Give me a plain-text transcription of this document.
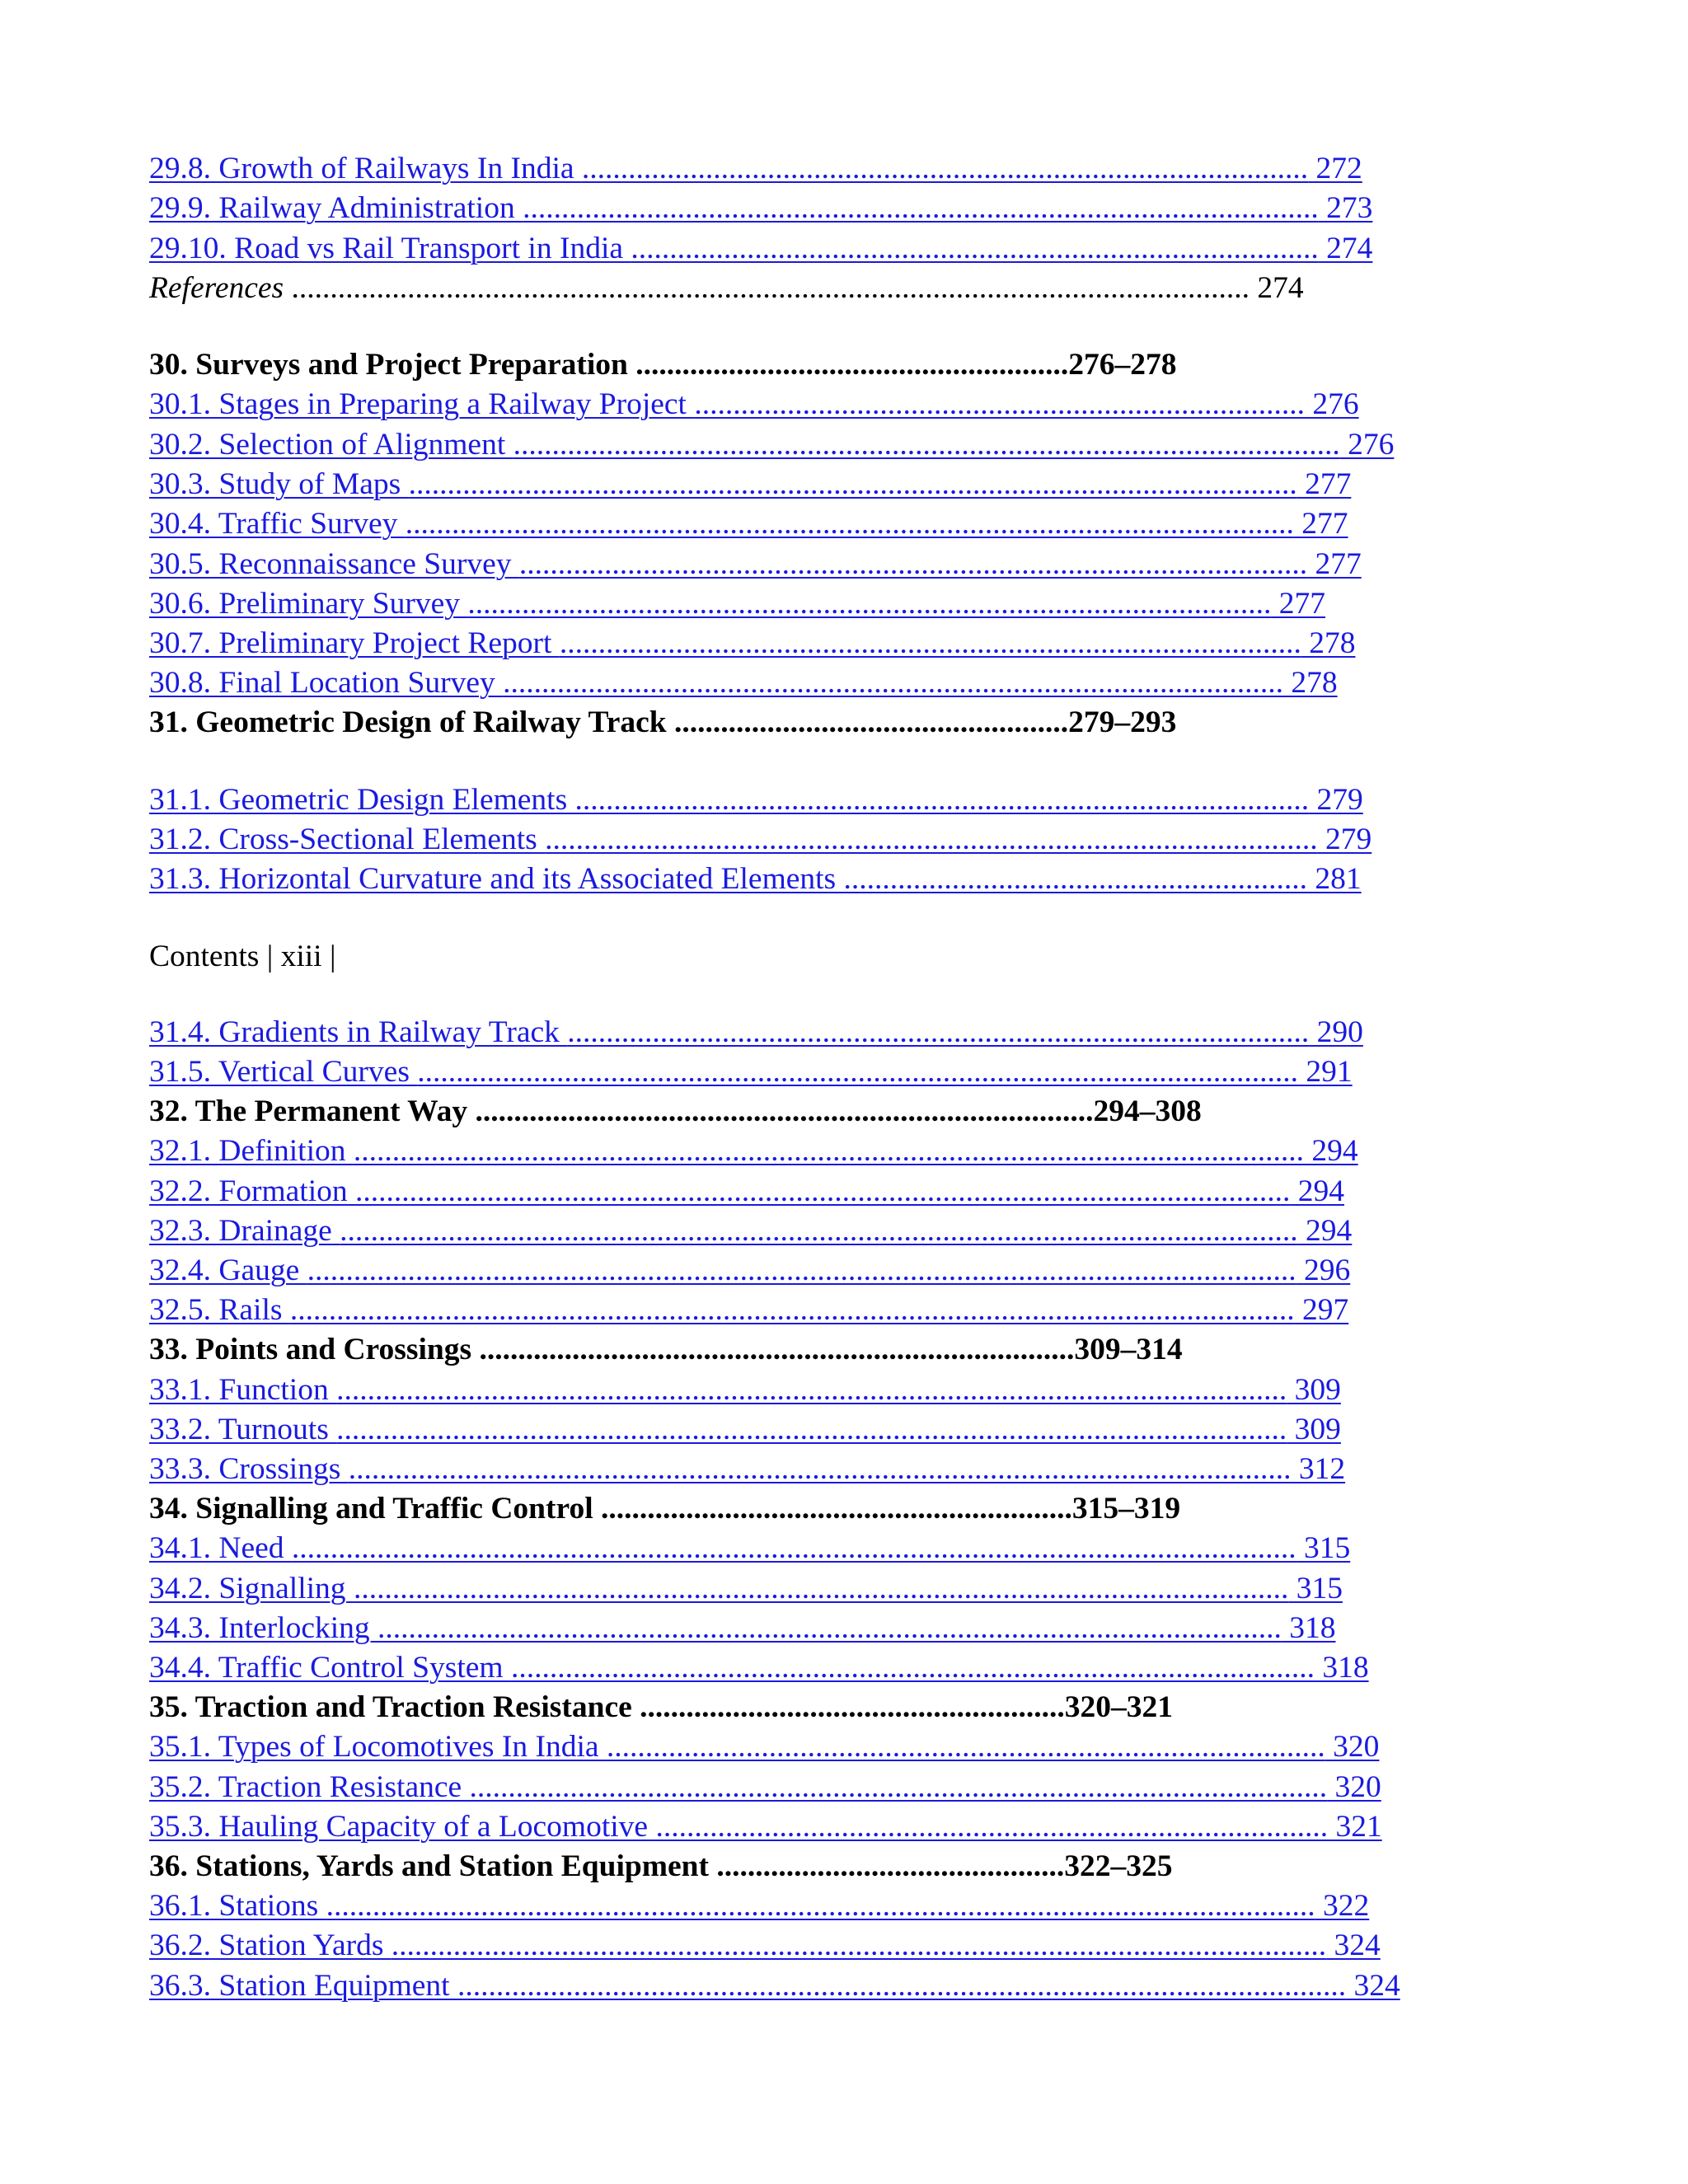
29.8. Growth of Railways In India .............................................................................................. 272
29.9. Railway Administration ....................................................................................................... 273
29.10. Road vs Rail Transport in India ......................................................................................... 274
References ............................................................................................................................ 274
30. Surveys and Project Preparation ........................................................276–278
30.1. Stages in Preparing a Railway Project ............................................................................... 276
30.2. Selection of Alignment ........................................................................................................... 276
30.3. Study of Maps ................................................................................................................... 277
30.4. Traffic Survey ................................................................................................................... 277
30.5. Reconnaissance Survey ...................................................................................................... 277
30.6. Preliminary Survey ........................................................................................................ 277
30.7. Preliminary Project Report ................................................................................................ 278
30.8. Final Location Survey ..................................................................................................... 278
31. Geometric Design of Railway Track ...................................................279–293
31.1. Geometric Design Elements ............................................................................................... 279
31.2. Cross-Sectional Elements .................................................................................................... 279
31.3. Horizontal Curvature and its Associated Elements ............................................................ 281
Contents | xiii |
31.4. Gradients in Railway Track ................................................................................................ 290
31.5. Vertical Curves .................................................................................................................. 291
32. The Permanent Way ................................................................................294–308
32.1. Definition ........................................................................................................................... 294
32.2. Formation ......................................................................................................................... 294
32.3. Drainage ............................................................................................................................ 294
32.4. Gauge ................................................................................................................................ 296
32.5. Rails .................................................................................................................................. 297
33. Points and Crossings .............................................................................309–314
33.1. Function ........................................................................................................................... 309
33.2. Turnouts ........................................................................................................................... 309
33.3. Crossings .......................................................................................................................... 312
34. Signalling and Traffic Control .............................................................315–319
34.1. Need .................................................................................................................................. 315
34.2. Signalling ......................................................................................................................... 315
34.3. Interlocking ..................................................................................................................... 318
34.4. Traffic Control System ........................................................................................................ 318
35. Traction and Traction Resistance .......................................................320–321
35.1. Types of Locomotives In India ............................................................................................. 320
35.2. Traction Resistance ............................................................................................................... 320
35.3. Hauling Capacity of a Locomotive ....................................................................................... 321
36. Stations, Yards and Station Equipment .............................................322–325
36.1. Stations ................................................................................................................................ 322
36.2. Station Yards ......................................................................................................................... 324
36.3. Station Equipment ................................................................................................................... 324
